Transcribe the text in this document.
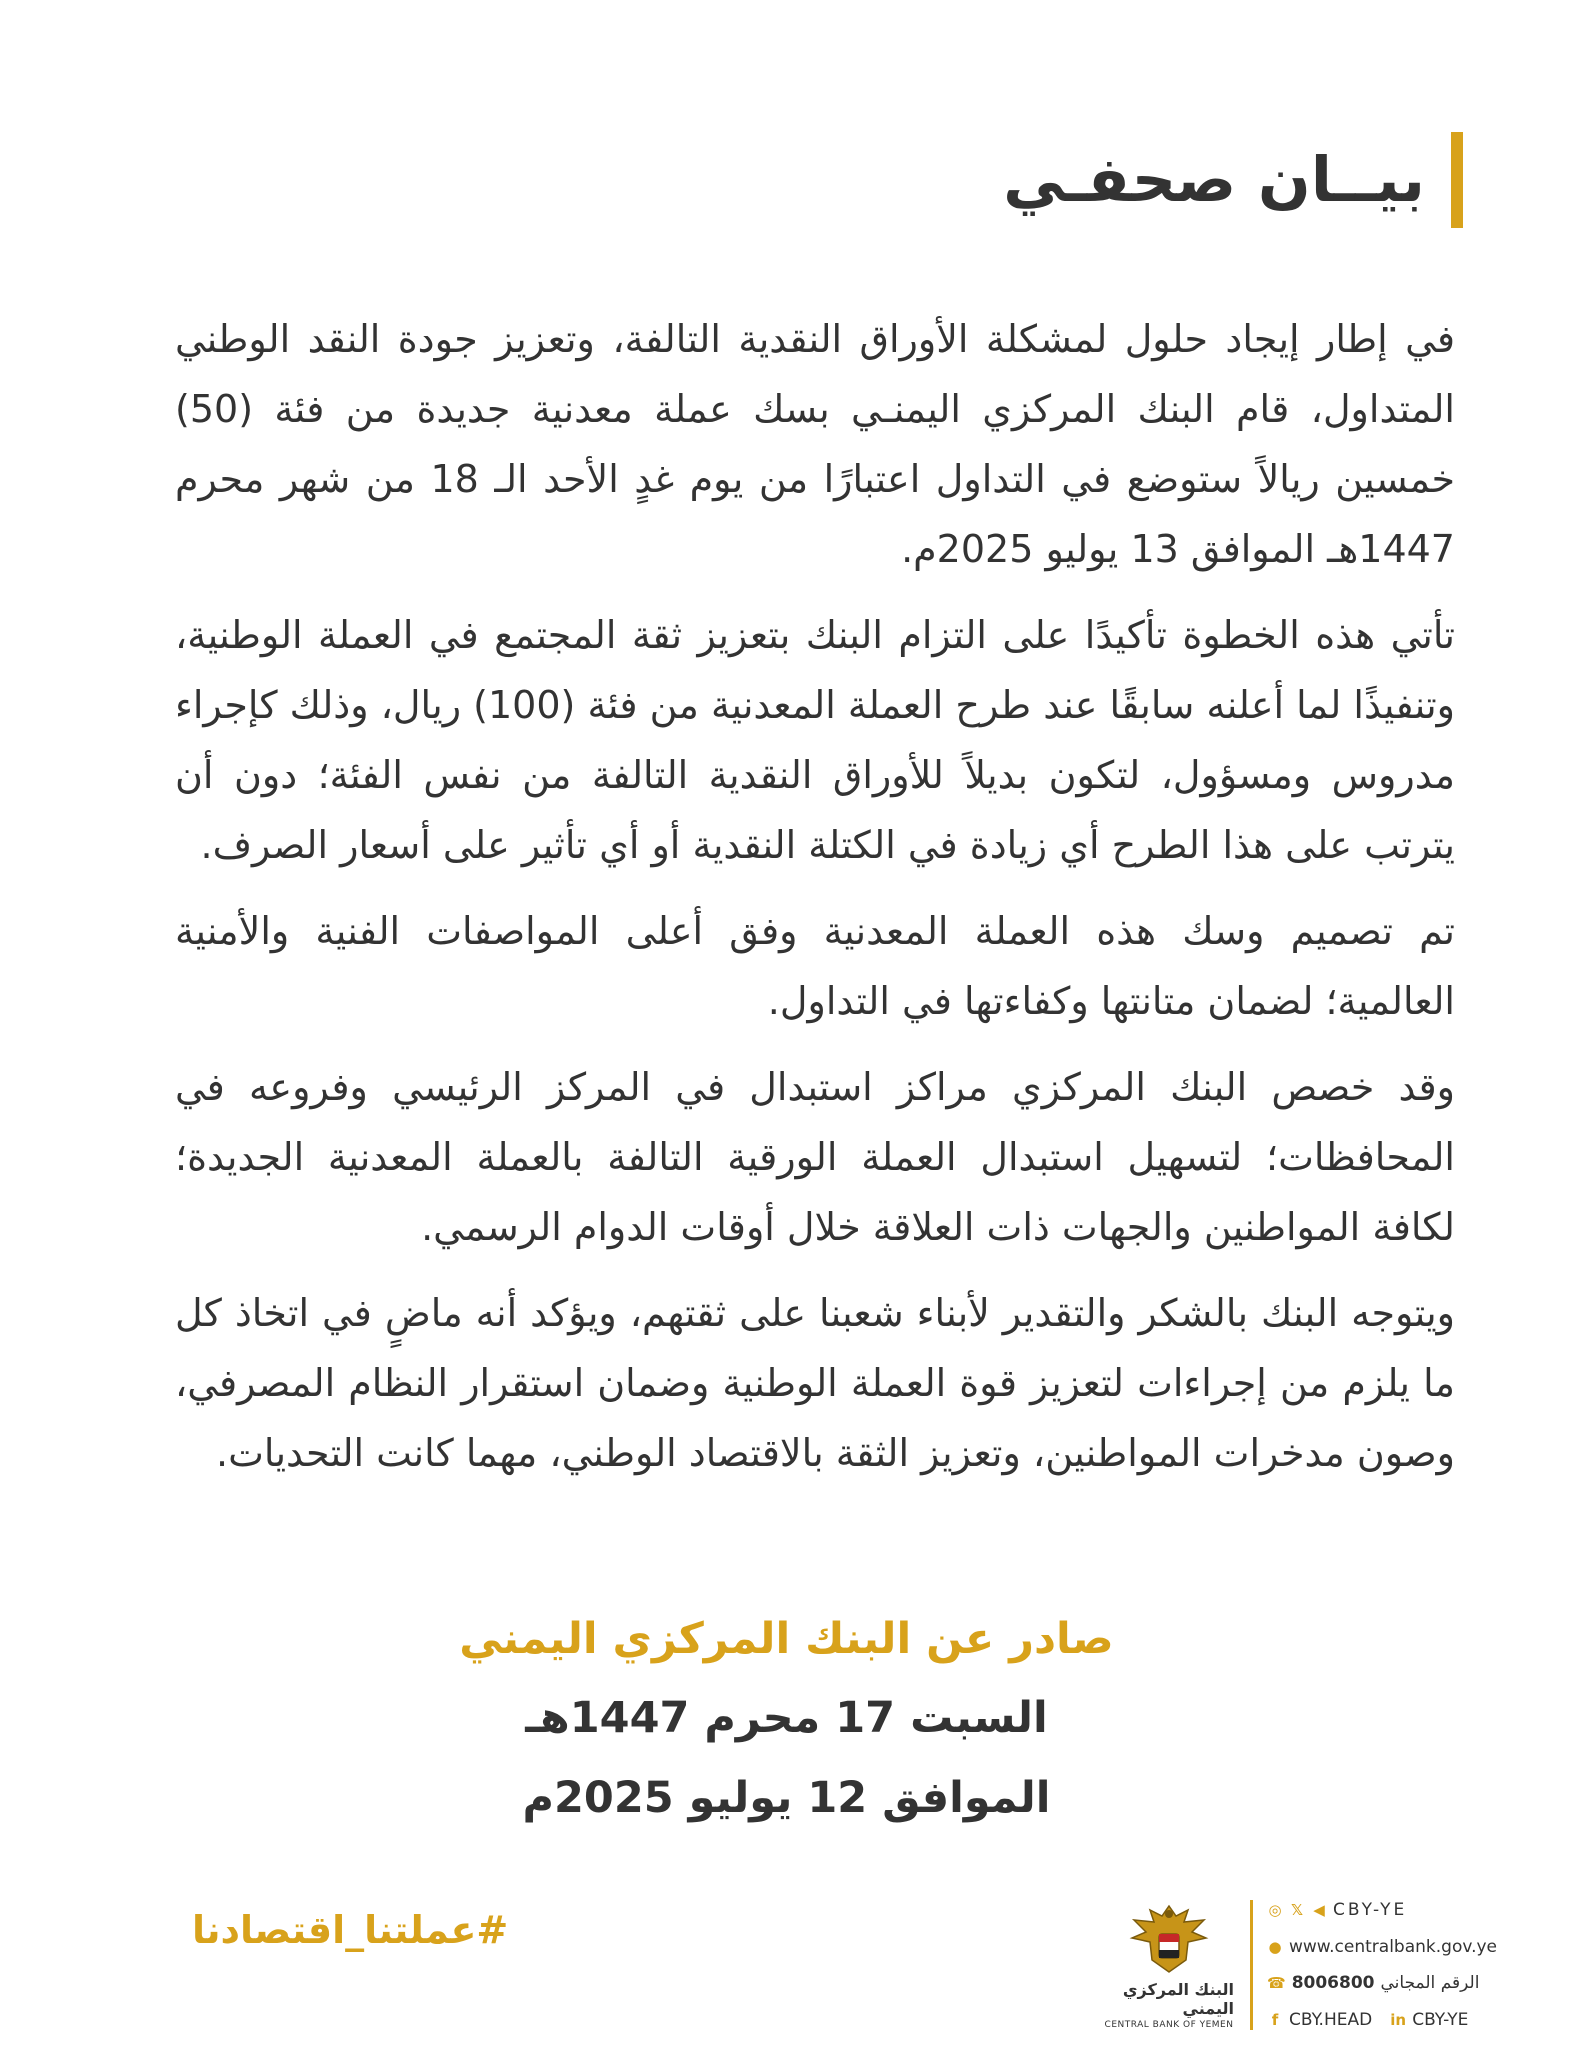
بيــان صحفـي

في إطار إيجاد حلول لمشكلة الأوراق النقدية التالفة، وتعزيز جودة النقد الوطني المتداول، قام البنك المركزي اليمنـي بسك عملة معدنية جديدة من فئة (50) خمسين ريالاً ستوضع في التداول اعتبارًا من يوم غدٍ الأحد الـ 18 من شهر محرم 1447هـ الموافق 13 يوليو 2025م.

تأتي هذه الخطوة تأكيدًا على التزام البنك بتعزيز ثقة المجتمع في العملة الوطنية، وتنفيذًا لما أعلنه سابقًا عند طرح العملة المعدنية من فئة (100) ريال، وذلك كإجراء مدروس ومسؤول، لتكون بديلاً للأوراق النقدية التالفة من نفس الفئة؛ دون أن يترتب على هذا الطرح أي زيادة في الكتلة النقدية أو أي تأثير على أسعار الصرف.

تم تصميم وسك هذه العملة المعدنية وفق أعلى المواصفات الفنية والأمنية العالمية؛ لضمان متانتها وكفاءتها في التداول.

وقد خصص البنك المركزي مراكز استبدال في المركز الرئيسي وفروعه في المحافظات؛ لتسهيل استبدال العملة الورقية التالفة بالعملة المعدنية الجديدة؛ لكافة المواطنين والجهات ذات العلاقة خلال أوقات الدوام الرسمي.

ويتوجه البنك بالشكر والتقدير لأبناء شعبنا على ثقتهم، ويؤكد أنه ماضٍ في اتخاذ كل ما يلزم من إجراءات لتعزيز قوة العملة الوطنية وضمان استقرار النظام المصرفي، وصون مدخرات المواطنين، وتعزيز الثقة بالاقتصاد الوطني، مهما كانت التحديات.

صادر عن البنك المركزي اليمني
السبت 17 محرم 1447هـ
الموافق 12 يوليو 2025م
#عملتنا_اقتصادنا
البنك المركزي اليمني
CENTRAL BANK OF YEMEN
◎ 𝕏 ◀ CBY-YE
● www.centralbank.gov.ye
☎ 8006800 الرقم المجاني
f CBY.HEAD in CBY-YE
